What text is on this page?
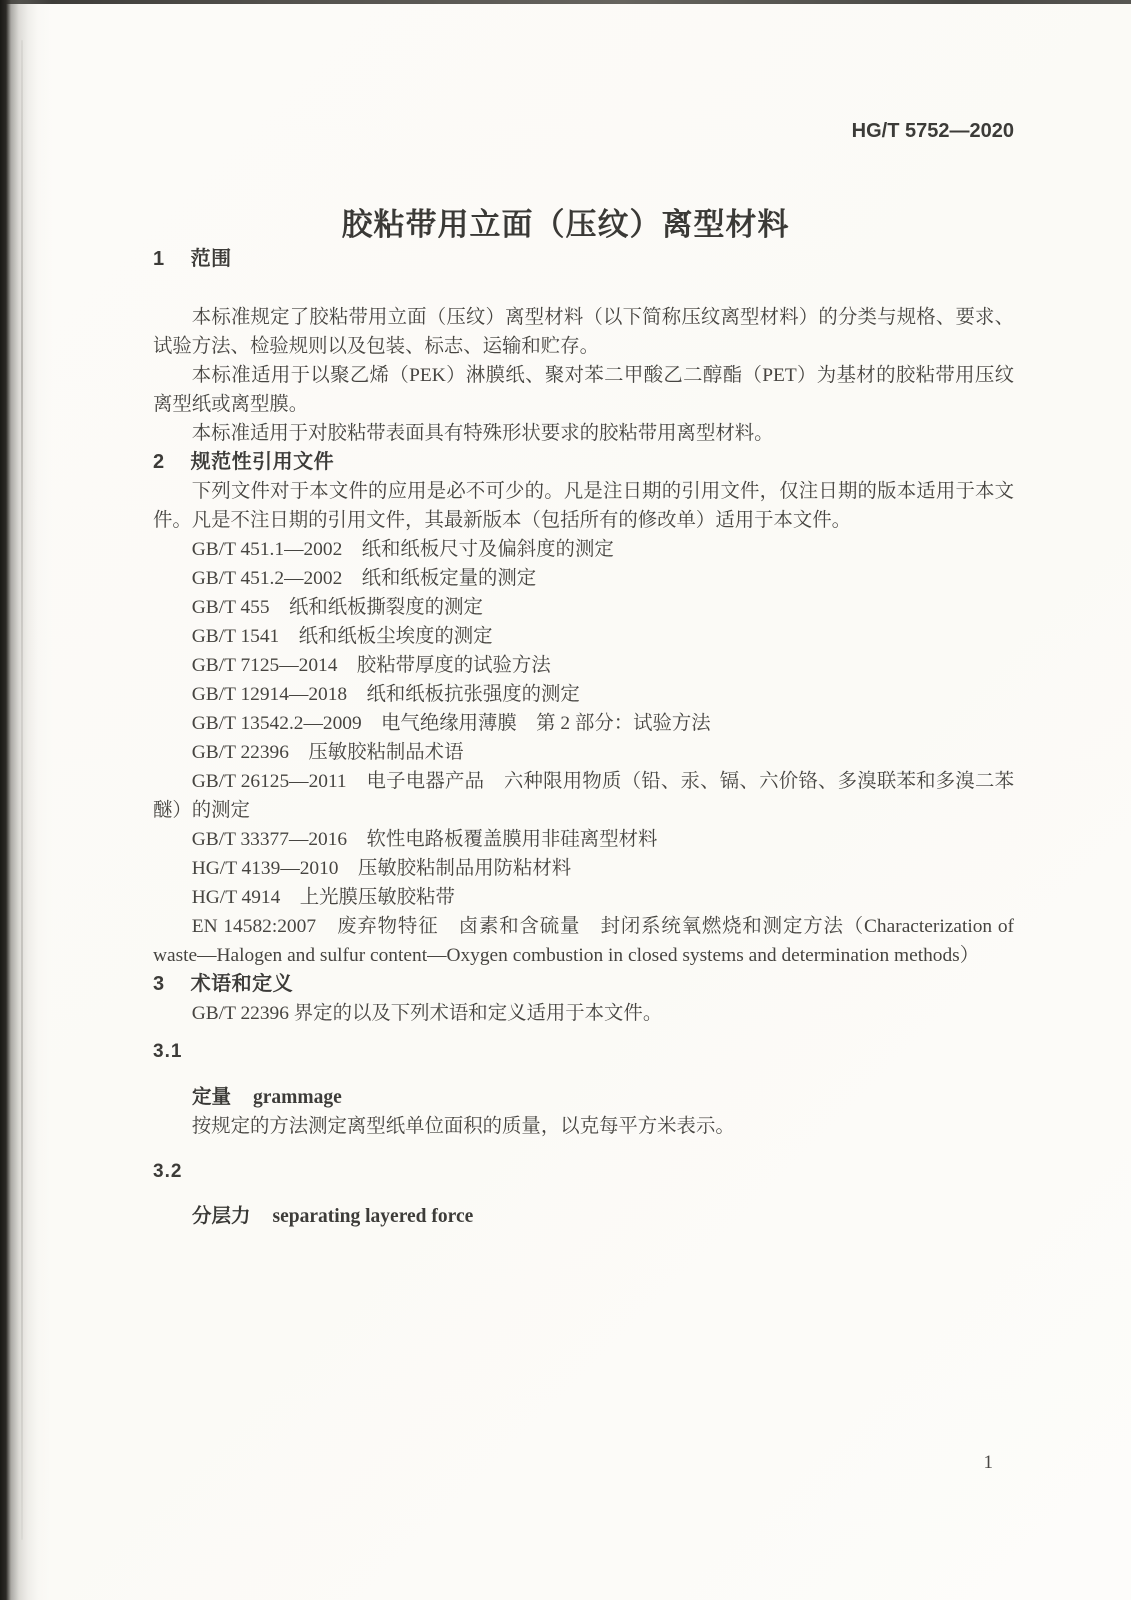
HG/T 5752—2020
胶粘带用立面（压纹）离型材料
1 范围

本标准规定了胶粘带用立面（压纹）离型材料（以下简称压纹离型材料）的分类与规格、要求、试验方法、检验规则以及包装、标志、运输和贮存。

本标准适用于以聚乙烯（PEK）淋膜纸、聚对苯二甲酸乙二醇酯（PET）为基材的胶粘带用压纹离型纸或离型膜。

本标准适用于对胶粘带表面具有特殊形状要求的胶粘带用离型材料。

2 规范性引用文件

下列文件对于本文件的应用是必不可少的。凡是注日期的引用文件，仅注日期的版本适用于本文件。凡是不注日期的引用文件，其最新版本（包括所有的修改单）适用于本文件。

GB/T 451.1—2002　纸和纸板尺寸及偏斜度的测定

GB/T 451.2—2002　纸和纸板定量的测定

GB/T 455　纸和纸板撕裂度的测定

GB/T 1541　纸和纸板尘埃度的测定

GB/T 7125—2014　胶粘带厚度的试验方法

GB/T 12914—2018　纸和纸板抗张强度的测定

GB/T 13542.2—2009　电气绝缘用薄膜　第 2 部分：试验方法

GB/T 22396　压敏胶粘制品术语

GB/T 26125—2011　电子电器产品　六种限用物质（铅、汞、镉、六价铬、多溴联苯和多溴二苯醚）的测定

GB/T 33377—2016　软性电路板覆盖膜用非硅离型材料

HG/T 4139—2010　压敏胶粘制品用防粘材料

HG/T 4914　上光膜压敏胶粘带

EN 14582:2007　废弃物特征　卤素和含硫量　封闭系统氧燃烧和测定方法（Characterization of waste—Halogen and sulfur content—Oxygen combustion in closed systems and determination methods）

3 术语和定义

GB/T 22396 界定的以及下列术语和定义适用于本文件。

3.1

定量 grammage

按规定的方法测定离型纸单位面积的质量，以克每平方米表示。

3.2

分层力 separating layered force

1
